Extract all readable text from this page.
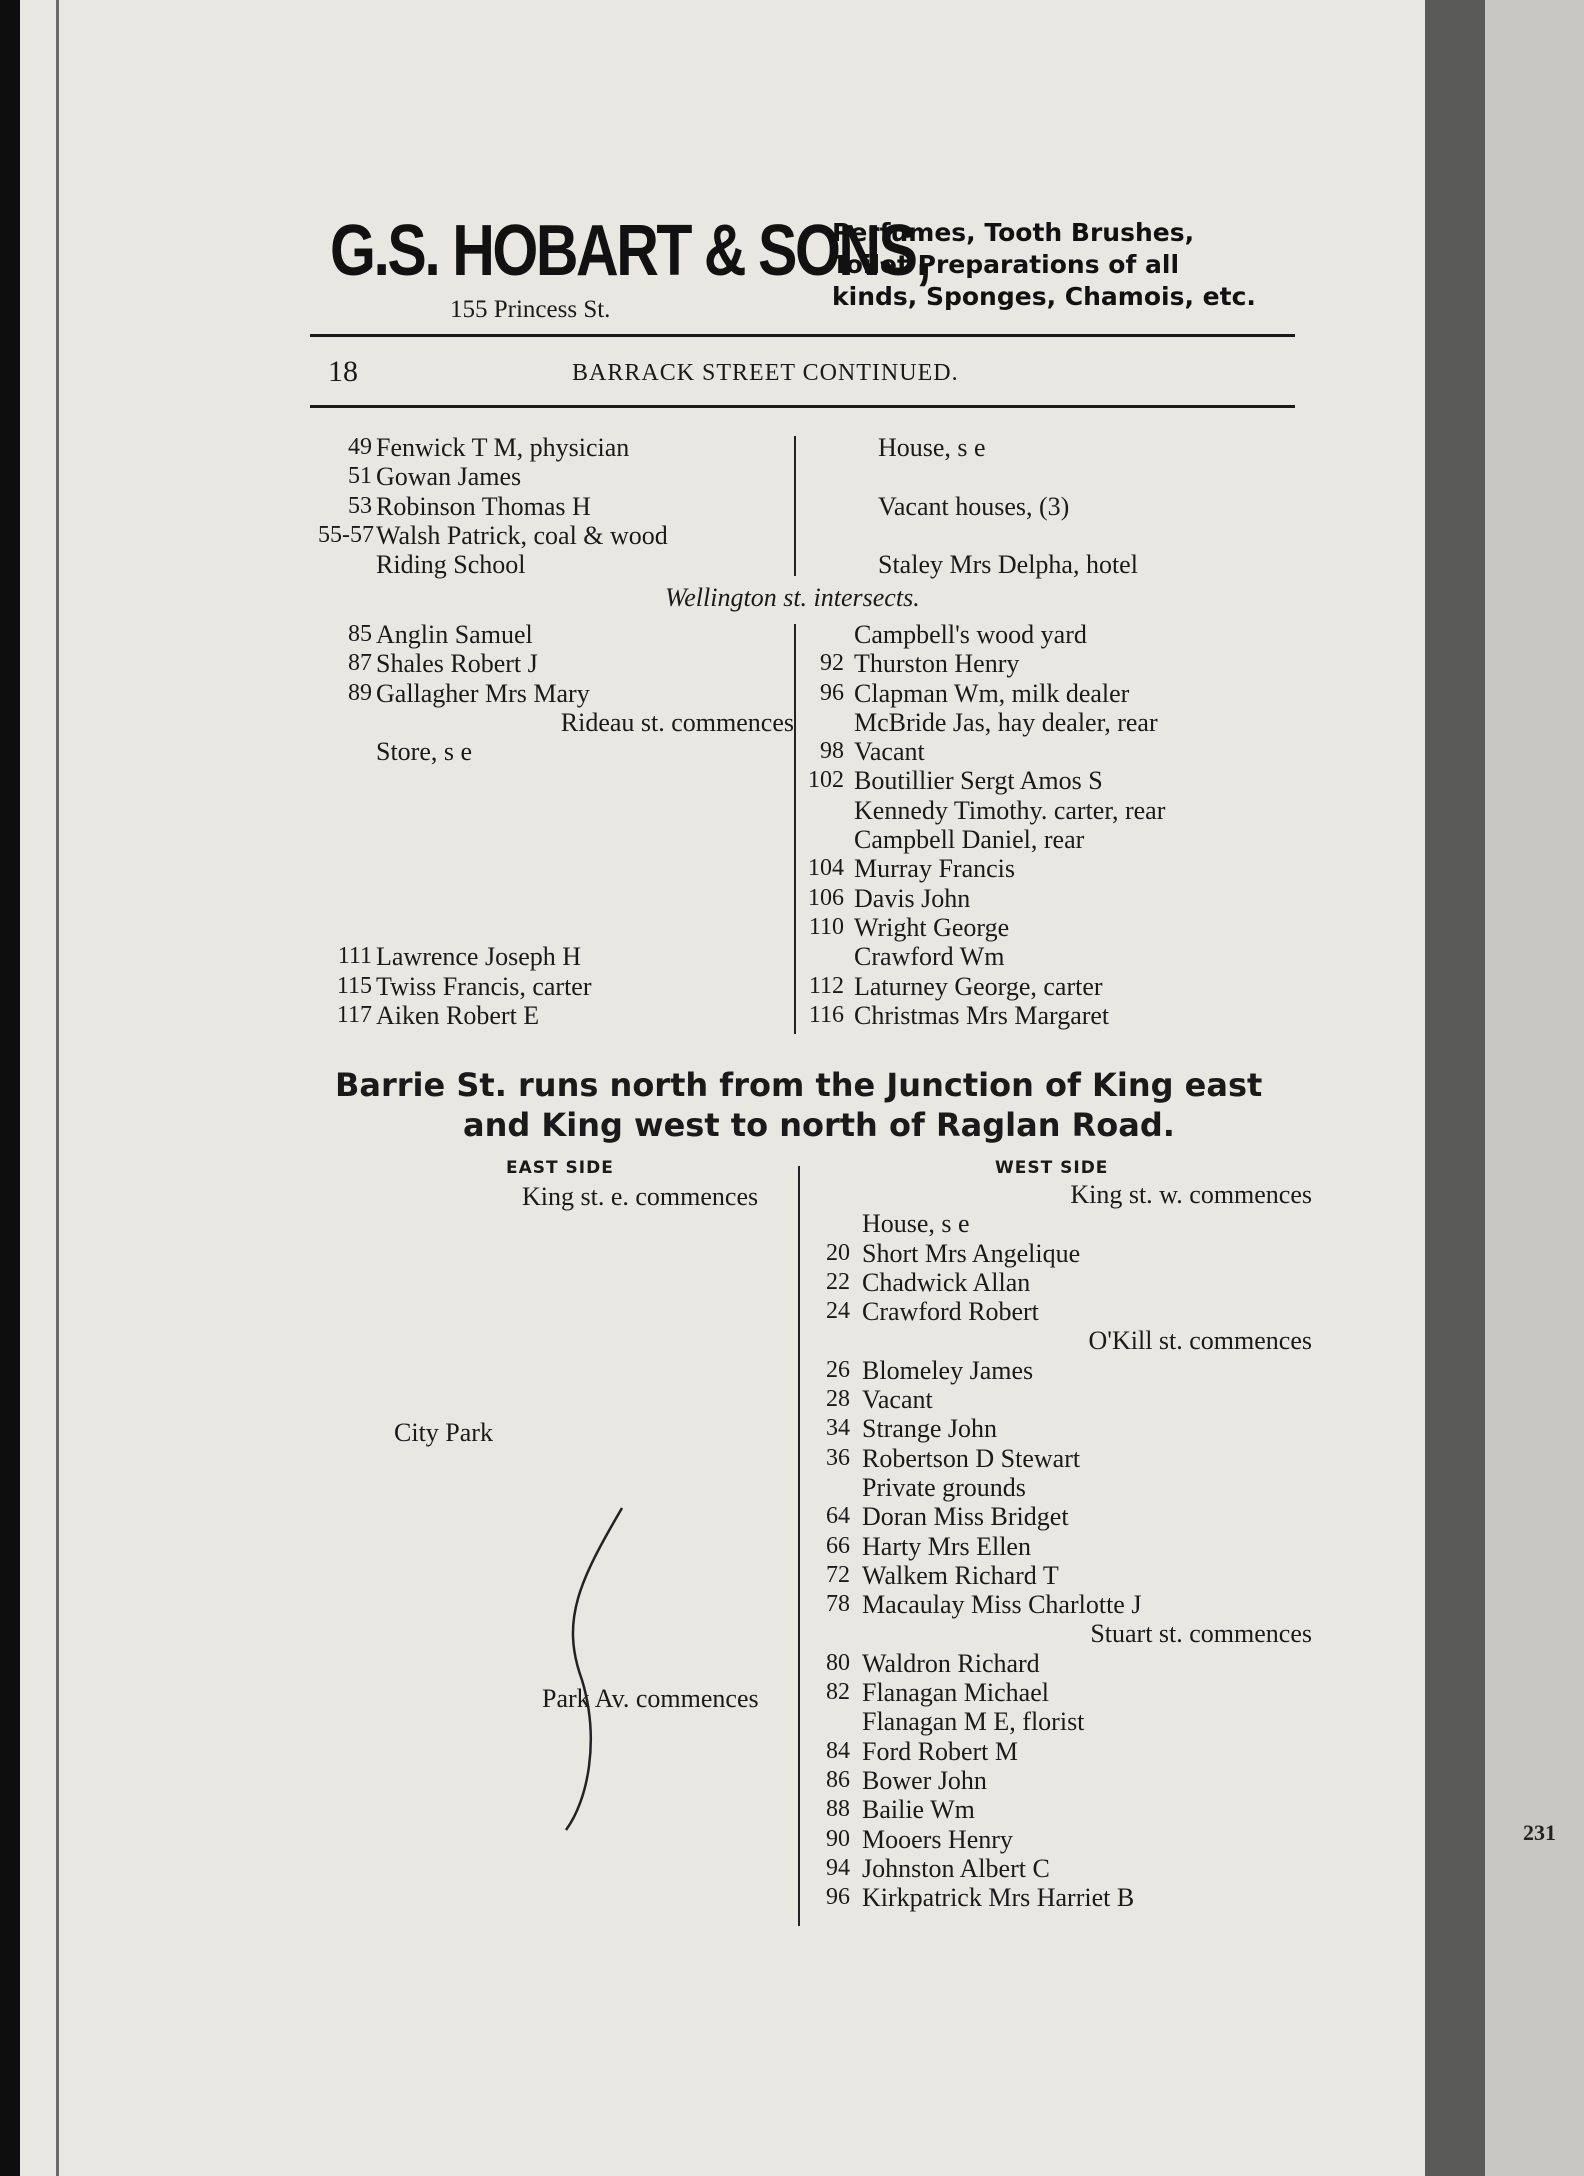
G.S. HOBART & SONS,
155 Princess St.
Perfumes, Tooth Brushes,
Toilet Preparations of all
kinds, Sponges, Chamois, etc.
18	BARRACK STREET CONTINUED.
49 Fenwick T M, physician
51 Gowan James
53 Robinson Thomas H
55-57 Walsh Patrick, coal & wood
Riding School
House, s e
Vacant houses, (3)
Staley Mrs Delpha, hotel
Wellington st. intersects.
85 Anglin Samuel
87 Shales Robert J
89 Gallagher Mrs Mary
Rideau st. commences
Store, s e
111 Lawrence Joseph H
115 Twiss Francis, carter
117 Aiken Robert E
Campbell's wood yard
92 Thurston Henry
96 Clapman Wm, milk dealer
McBride Jas, hay dealer, rear
98 Vacant
102 Boutillier Sergt Amos S
Kennedy Timothy. carter, rear
Campbell Daniel, rear
104 Murray Francis
106 Davis John
110 Wright George
Crawford Wm
112 Laturney George, carter
116 Christmas Mrs Margaret
Barrie St. runs north from the Junction of King east
and King west to north of Raglan Road.
EAST SIDE	WEST SIDE
King st. e. commences
City Park
Park Av. commences
King st. w. commences
House, s e
20 Short Mrs Angelique
22 Chadwick Allan
24 Crawford Robert
O'Kill st. commences
26 Blomeley James
28 Vacant
34 Strange John
36 Robertson D Stewart
Private grounds
64 Doran Miss Bridget
66 Harty Mrs Ellen
72 Walkem Richard T
78 Macaulay Miss Charlotte J
Stuart st. commences
80 Waldron Richard
82 Flanagan Michael
Flanagan M E, florist
84 Ford Robert M
86 Bower John
88 Bailie Wm
90 Mooers Henry
94 Johnston Albert C
96 Kirkpatrick Mrs Harriet B
231
